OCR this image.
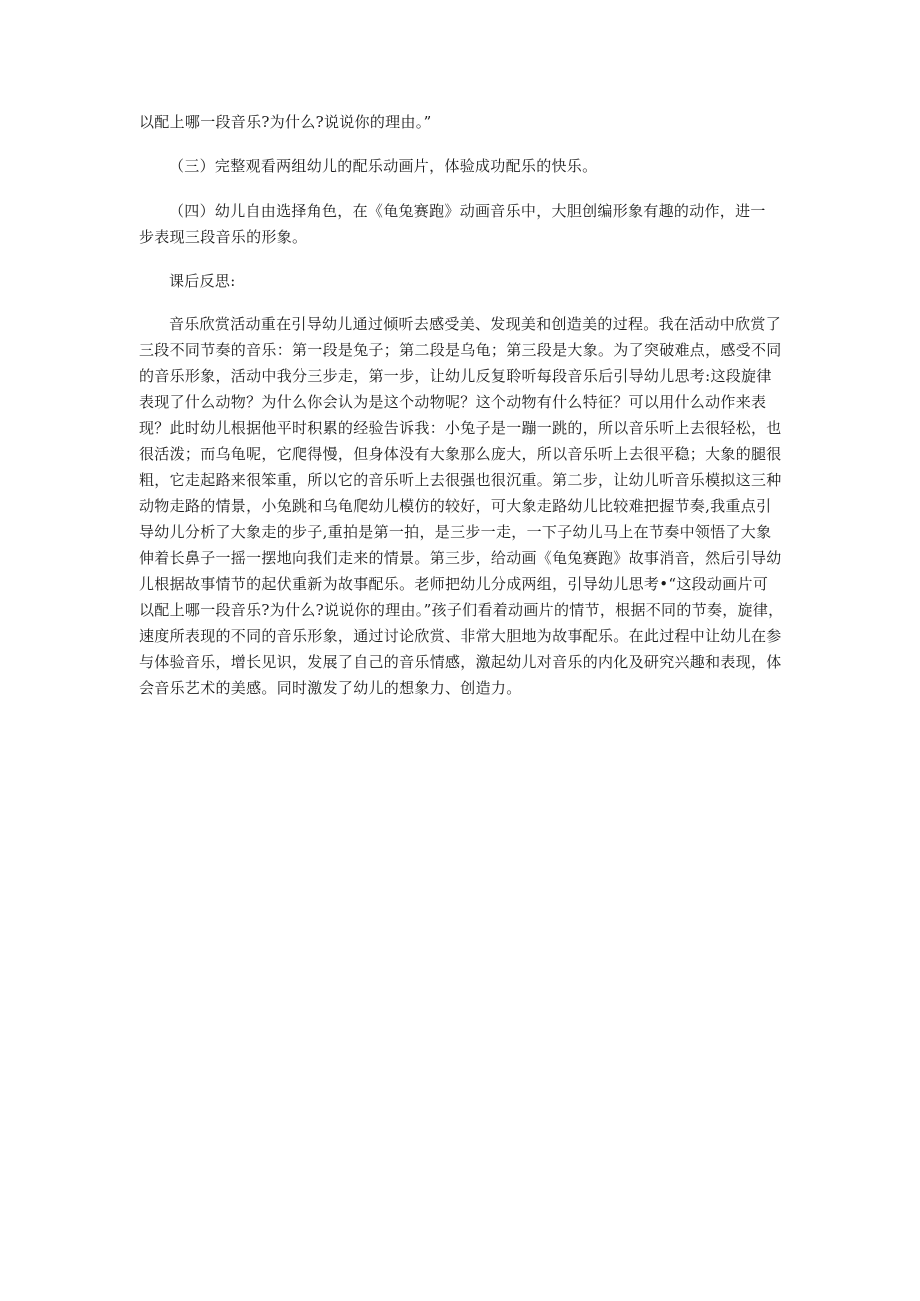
以配上哪一段音乐?为什么?说说你的理由。”

（三）完整观看两组幼儿的配乐动画片，体验成功配乐的快乐。

（四）幼儿自由选择角色，在《龟兔赛跑》动画音乐中，大胆创编形象有趣的动作，进一
步表现三段音乐的形象。

课后反思:

音乐欣赏活动重在引导幼儿通过倾听去感受美、发现美和创造美的过程。我在活动中欣赏了
三段不同节奏的音乐：第一段是兔子；第二段是乌龟；第三段是大象。为了突破难点，感受不同
的音乐形象，活动中我分三步走，第一步，让幼儿反复聆听每段音乐后引导幼儿思考:这段旋律
表现了什么动物？为什么你会认为是这个动物呢？这个动物有什么特征？可以用什么动作来表
现？此时幼儿根据他平时积累的经验告诉我：小兔子是一蹦一跳的，所以音乐听上去很轻松，也
很活泼；而乌龟呢，它爬得慢，但身体没有大象那么庞大，所以音乐听上去很平稳；大象的腿很
粗，它走起路来很笨重，所以它的音乐听上去很强也很沉重。第二步，让幼儿听音乐模拟这三种
动物走路的情景，小兔跳和乌龟爬幼儿模仿的较好，可大象走路幼儿比较难把握节奏,我重点引
导幼儿分析了大象走的步子,重拍是第一拍，是三步一走，一下子幼儿马上在节奏中领悟了大象
伸着长鼻子一摇一摆地向我们走来的情景。第三步，给动画《龟兔赛跑》故事消音，然后引导幼
儿根据故事情节的起伏重新为故事配乐。老师把幼儿分成两组，引导幼儿思考•“这段动画片可
以配上哪一段音乐?为什么?说说你的理由。”孩子们看着动画片的情节，根据不同的节奏，旋律，
速度所表现的不同的音乐形象，通过讨论欣赏、非常大胆地为故事配乐。在此过程中让幼儿在参
与体验音乐，增长见识，发展了自己的音乐情感，激起幼儿对音乐的内化及研究兴趣和表现，体
会音乐艺术的美感。同时激发了幼儿的想象力、创造力。
